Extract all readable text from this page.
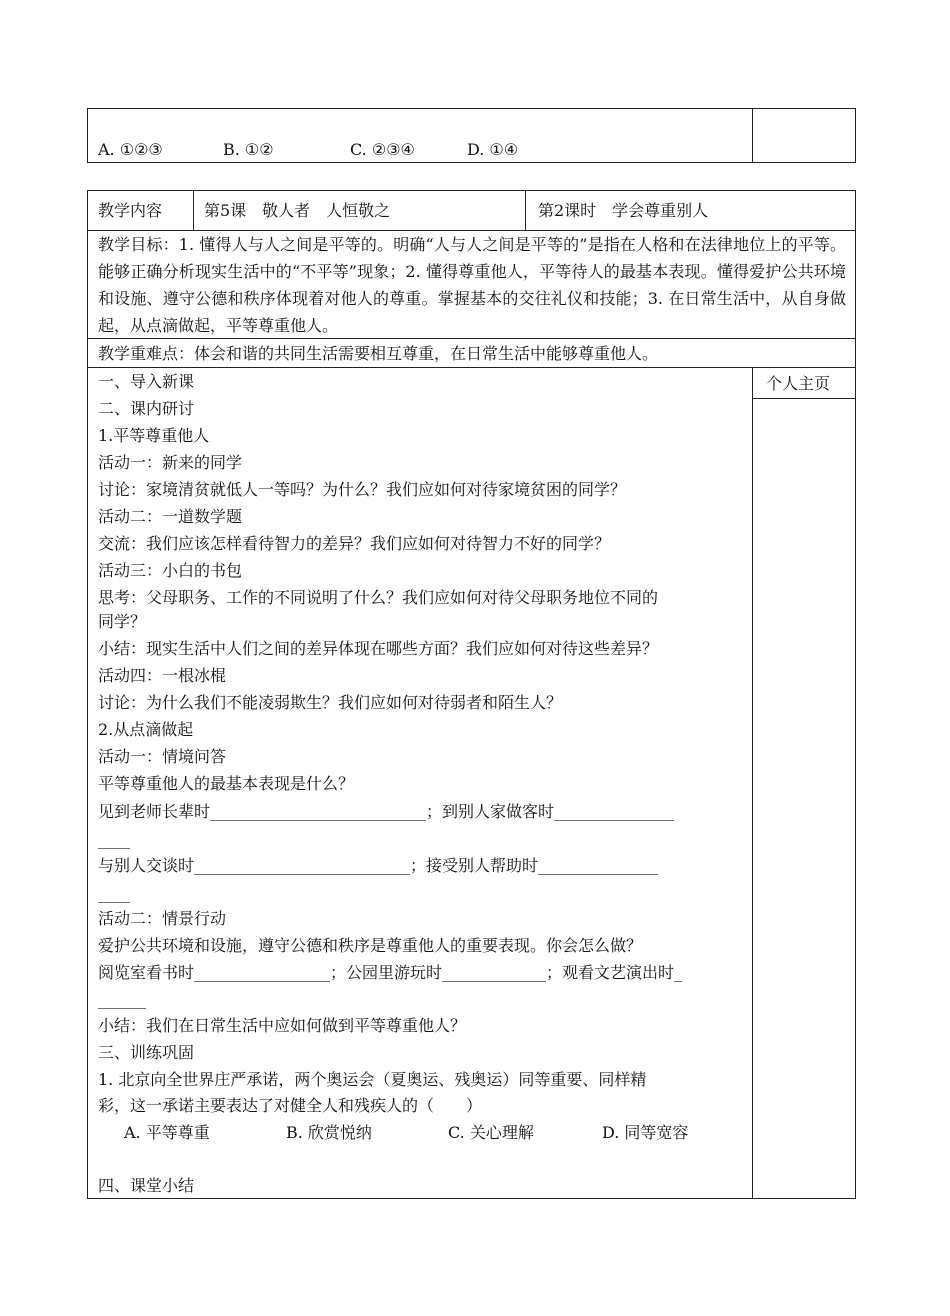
A. ①②③	B. ①②	C. ②③④	D. ①④
教学内容	第5课　敬人者　人恒敬之	第2课时　学会尊重别人
教学目标：1. 懂得人与人之间是平等的。明确“人与人之间是平等的”是指在人格和在法律地位上的平等。能够正确分析现实生活中的“不平等”现象；2. 懂得尊重他人，平等待人的最基本表现。懂得爱护公共环境和设施、遵守公德和秩序体现着对他人的尊重。掌握基本的交往礼仪和技能；3. 在日常生活中，从自身做起，从点滴做起，平等尊重他人。
教学重难点：体会和谐的共同生活需要相互尊重，在日常生活中能够尊重他人。
个人主页
一、导入新课
二、课内研讨
1.平等尊重他人
活动一：新来的同学
讨论：家境清贫就低人一等吗？为什么？我们应如何对待家境贫困的同学？
活动二：一道数学题
交流：我们应该怎样看待智力的差异？我们应如何对待智力不好的同学？
活动三：小白的书包
思考：父母职务、工作的不同说明了什么？我们应如何对待父母职务地位不同的
同学？
小结：现实生活中人们之间的差异体现在哪些方面？我们应如何对待这些差异？
活动四：一根冰棍
讨论：为什么我们不能凌弱欺生？我们应如何对待弱者和陌生人？
2.从点滴做起
活动一：情境问答
平等尊重他人的最基本表现是什么？
见到老师长辈时___________________________；到别人家做客时_______________
____
与别人交谈时___________________________；接受别人帮助时_______________
____
活动二：情景行动
爱护公共环境和设施，遵守公德和秩序是尊重他人的重要表现。你会怎么做？
阅览室看书时_________________；公园里游玩时_____________；观看文艺演出时_
______
小结：我们在日常生活中应如何做到平等尊重他人？
三、训练巩固
1. 北京向全世界庄严承诺，两个奥运会（夏奥运、残奥运）同等重要、同样精
彩，这一承诺主要表达了对健全人和残疾人的（　　）
A. 平等尊重	B. 欣赏悦纳	C. 关心理解	D. 同等宽容
四、课堂小结
